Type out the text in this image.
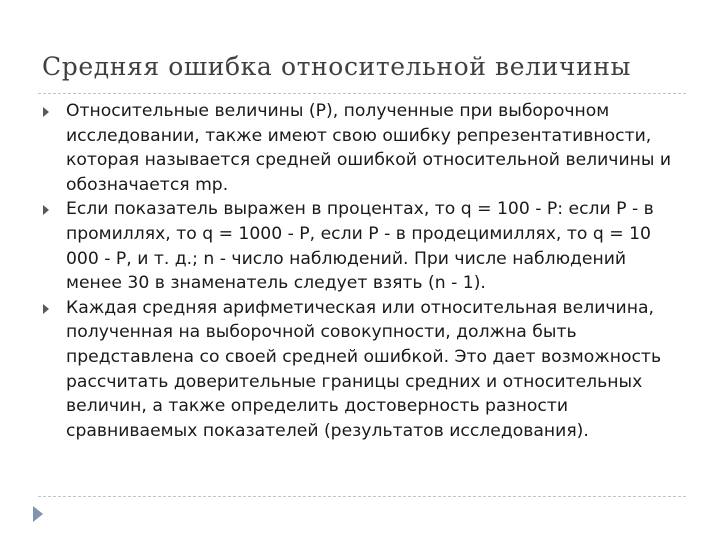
Средняя ошибка относительной величины
Относительные величины (Р), полученные при выборочном исследовании, также имеют свою ошибку репрезентативности, которая называется средней ошибкой относительной величины и обозначается mp.
Если показатель выражен в процентах, то q = 100 - P: если P - в промиллях, то q = 1000 - P, если P - в продецимиллях, то q = 10 000 - Р, и т. д.; n - число наблюдений. При числе наблюдений менее 30 в знаменатель следует взять (n - 1).
Каждая средняя арифметическая или относительная величина, полученная на выборочной совокупности, должна быть представлена со своей средней ошибкой. Это дает возможность рассчитать доверительные границы средних и относительных величин, а также определить достоверность разности сравниваемых показателей (результатов исследования).
